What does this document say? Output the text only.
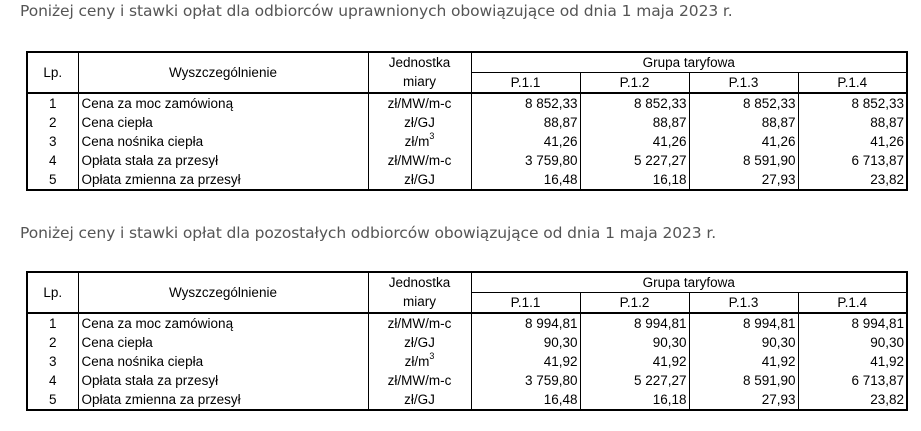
Poniżej ceny i stawki opłat dla odbiorców uprawnionych obowiązujące od dnia 1 maja 2023 r.
Lp.	Wyszczególnienie	Jednostka	Grupa taryfowa			
		miary	P.1.1	P.1.2	P.1.3	P.1.4
1	Cena za moc zamówioną	zł/MW/m-c	8 852,33	8 852,33	8 852,33	8 852,33
2	Cena ciepła	zł/GJ	88,87	88,87	88,87	88,87
3	Cena nośnika ciepła	$zł/m^3$	41,26	41,26	41,26	41,26
4	Opłata stała za przesył	zł/MW/m-c	3 759,80	5 227,27	8 591,90	6 713,87
5	Opłata zmienna za przesył	zł/GJ	16,48	16,18	27,93	23,82
Poniżej ceny i stawki opłat dla pozostałych odbiorców obowiązujące od dnia 1 maja 2023 r.
Lp.	Wyszczególnienie	Jednostka	Grupa taryfowa			
		miary	P.1.1	P.1.2	P.1.3	P.1.4
1	Cena za moc zamówioną	zł/MW/m-c	8 994,81	8 994,81	8 994,81	8 994,81
2	Cena ciepła	zł/GJ	90,30	90,30	90,30	90,30
3	Cena nośnika ciepła	$zł/m^3$	41,92	41,92	41,92	41,92
4	Opłata stała za przesył	zł/MW/m-c	3 759,80	5 227,27	8 591,90	6 713,87
5	Opłata zmienna za przesył	zł/GJ	16,48	16,18	27,93	23,82
